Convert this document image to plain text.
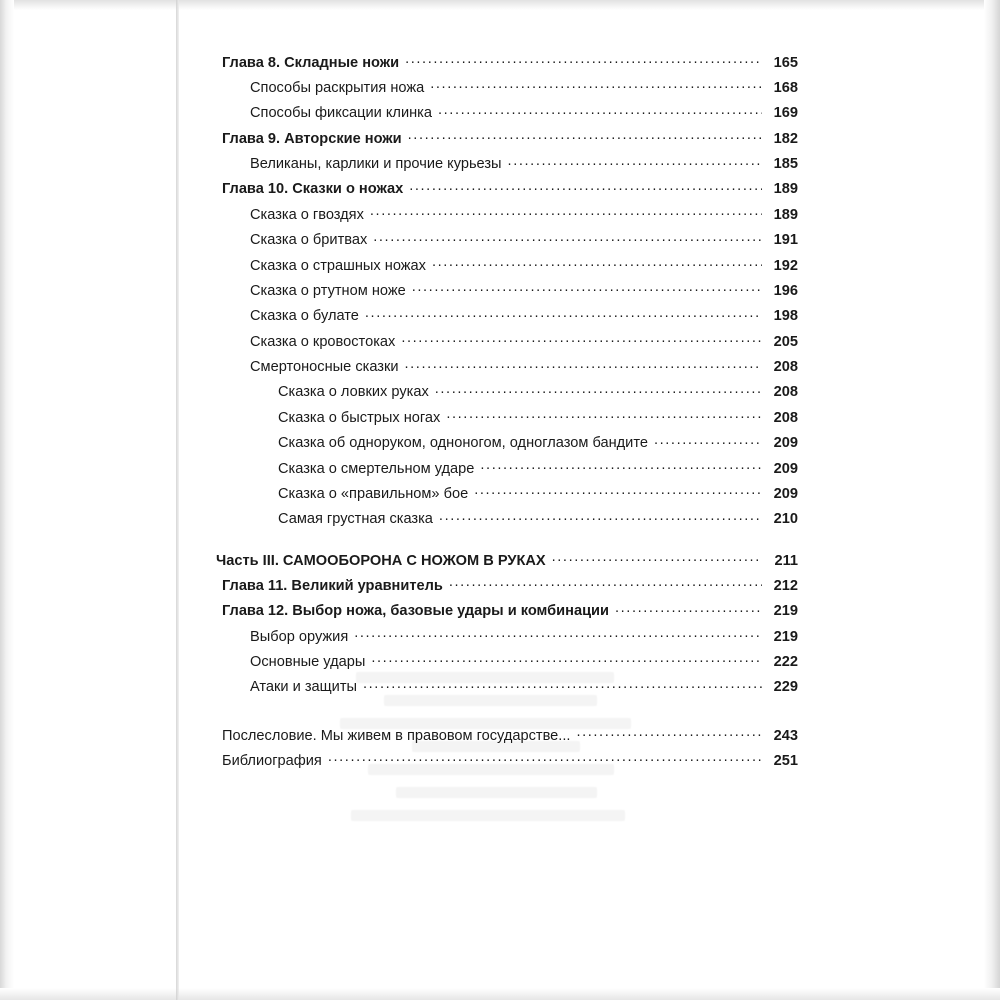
Глава 8. Складные ножи .....	165
Способы раскрытия ножа .....	168
Способы фиксации клинка .....	169
Глава 9. Авторские ножи .....	182
Великаны, карлики и прочие курьезы .....	185
Глава 10. Сказки о ножах .....	189
Сказка о гвоздях .....	189
Сказка о бритвах .....	191
Сказка о страшных ножах .....	192
Сказка о ртутном ноже .....	196
Сказка о булате .....	198
Сказка о кровостоках .....	205
Смертоносные сказки .....	208
Сказка о ловких руках .....	208
Сказка о быстрых ногах .....	208
Сказка об одноруком, одноногом, одноглазом бандите .....	209
Сказка о смертельном ударе .....	209
Сказка о «правильном» бое .....	209
Самая грустная сказка .....	210
Часть III. САМООБОРОНА С НОЖОМ В РУКАХ .....	211
Глава 11. Великий уравнитель .....	212
Глава 12. Выбор ножа, базовые удары и комбинации .....	219
Выбор оружия .....	219
Основные удары .....	222
Атаки и защиты .....	229
Послесловие. Мы живем в правовом государстве... .....	243
Библиография .....	251
